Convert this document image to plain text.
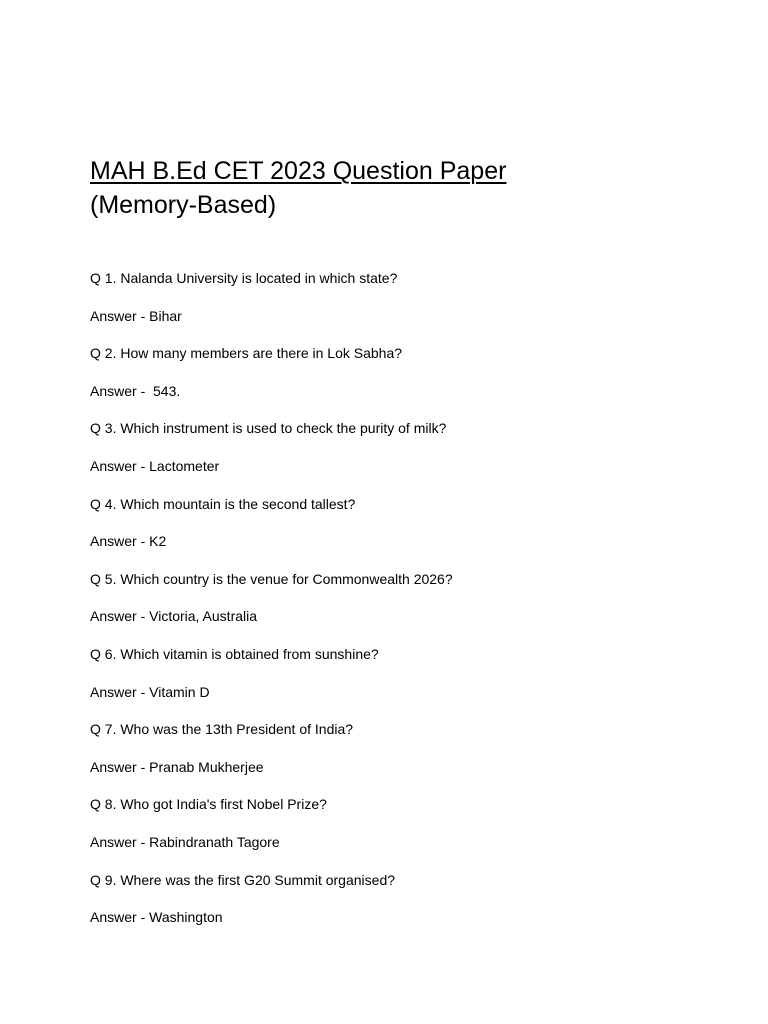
MAH B.Ed CET 2023 Question Paper
(Memory-Based)
Q 1. Nalanda University is located in which state?
Answer - Bihar
Q 2. How many members are there in Lok Sabha?
Answer -  543.
Q 3. Which instrument is used to check the purity of milk?
Answer - Lactometer
Q 4. Which mountain is the second tallest?
Answer - K2
Q 5. Which country is the venue for Commonwealth 2026?
Answer - Victoria, Australia
Q 6. Which vitamin is obtained from sunshine?
Answer - Vitamin D
Q 7. Who was the 13th President of India?
Answer - Pranab Mukherjee
Q 8. Who got India's first Nobel Prize?
Answer - Rabindranath Tagore
Q 9. Where was the first G20 Summit organised?
Answer - Washington
